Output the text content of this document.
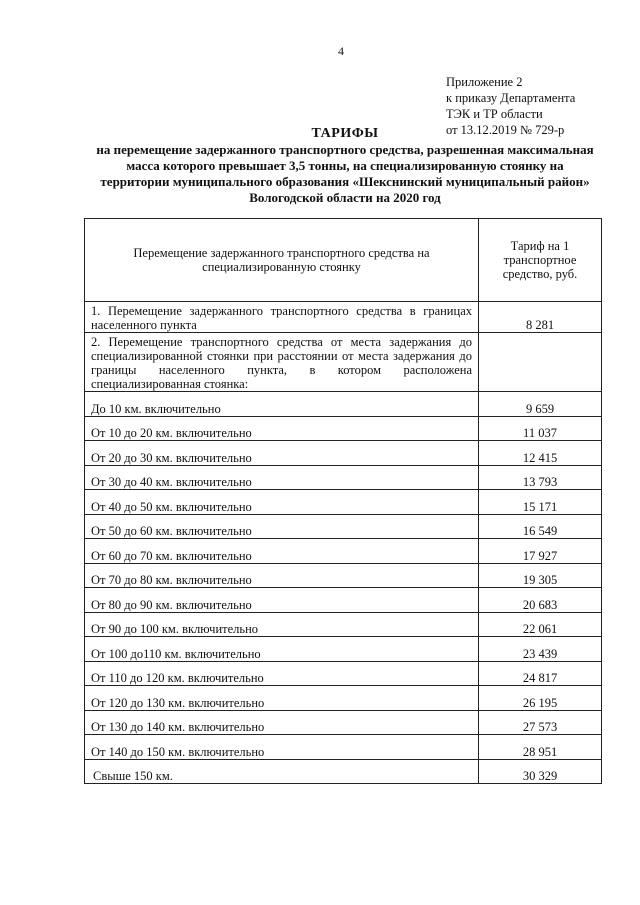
4
Приложение 2
к приказу Департамента
ТЭК и ТР области
от 13.12.2019 № 729-р
ТАРИФЫ
на перемещение задержанного транспортного средства, разрешенная максимальная
масса которого превышает 3,5 тонны, на специализированную стоянку на
территории муниципального образования «Шекснинский муниципальный район»
Вологодской области на 2020 год
Перемещение задержанного транспортного средства на специализированную стоянку	Тариф на 1 транспортное средство, руб.
1. Перемещение задержанного транспортного средства в границах населенного пункта	8 281
2. Перемещение транспортного средства от места задержания до специализированной стоянки при расстоянии от места задержания до границы населенного пункта, в котором расположена специализированная стоянка:	
До 10 км. включительно	9 659
От 10 до 20 км. включительно	11 037
От 20 до 30 км. включительно	12 415
От 30 до 40 км. включительно	13 793
От 40 до 50 км. включительно	15 171
От 50 до 60 км. включительно	16 549
От 60 до 70 км. включительно	17 927
От 70 до 80 км. включительно	19 305
От 80 до 90 км. включительно	20 683
От 90 до 100 км. включительно	22 061
От 100 до110 км. включительно	23 439
От 110 до 120 км. включительно	24 817
От 120 до 130 км. включительно	26 195
От 130 до 140 км. включительно	27 573
От 140 до 150 км. включительно	28 951
Свыше 150 км.	30 329
